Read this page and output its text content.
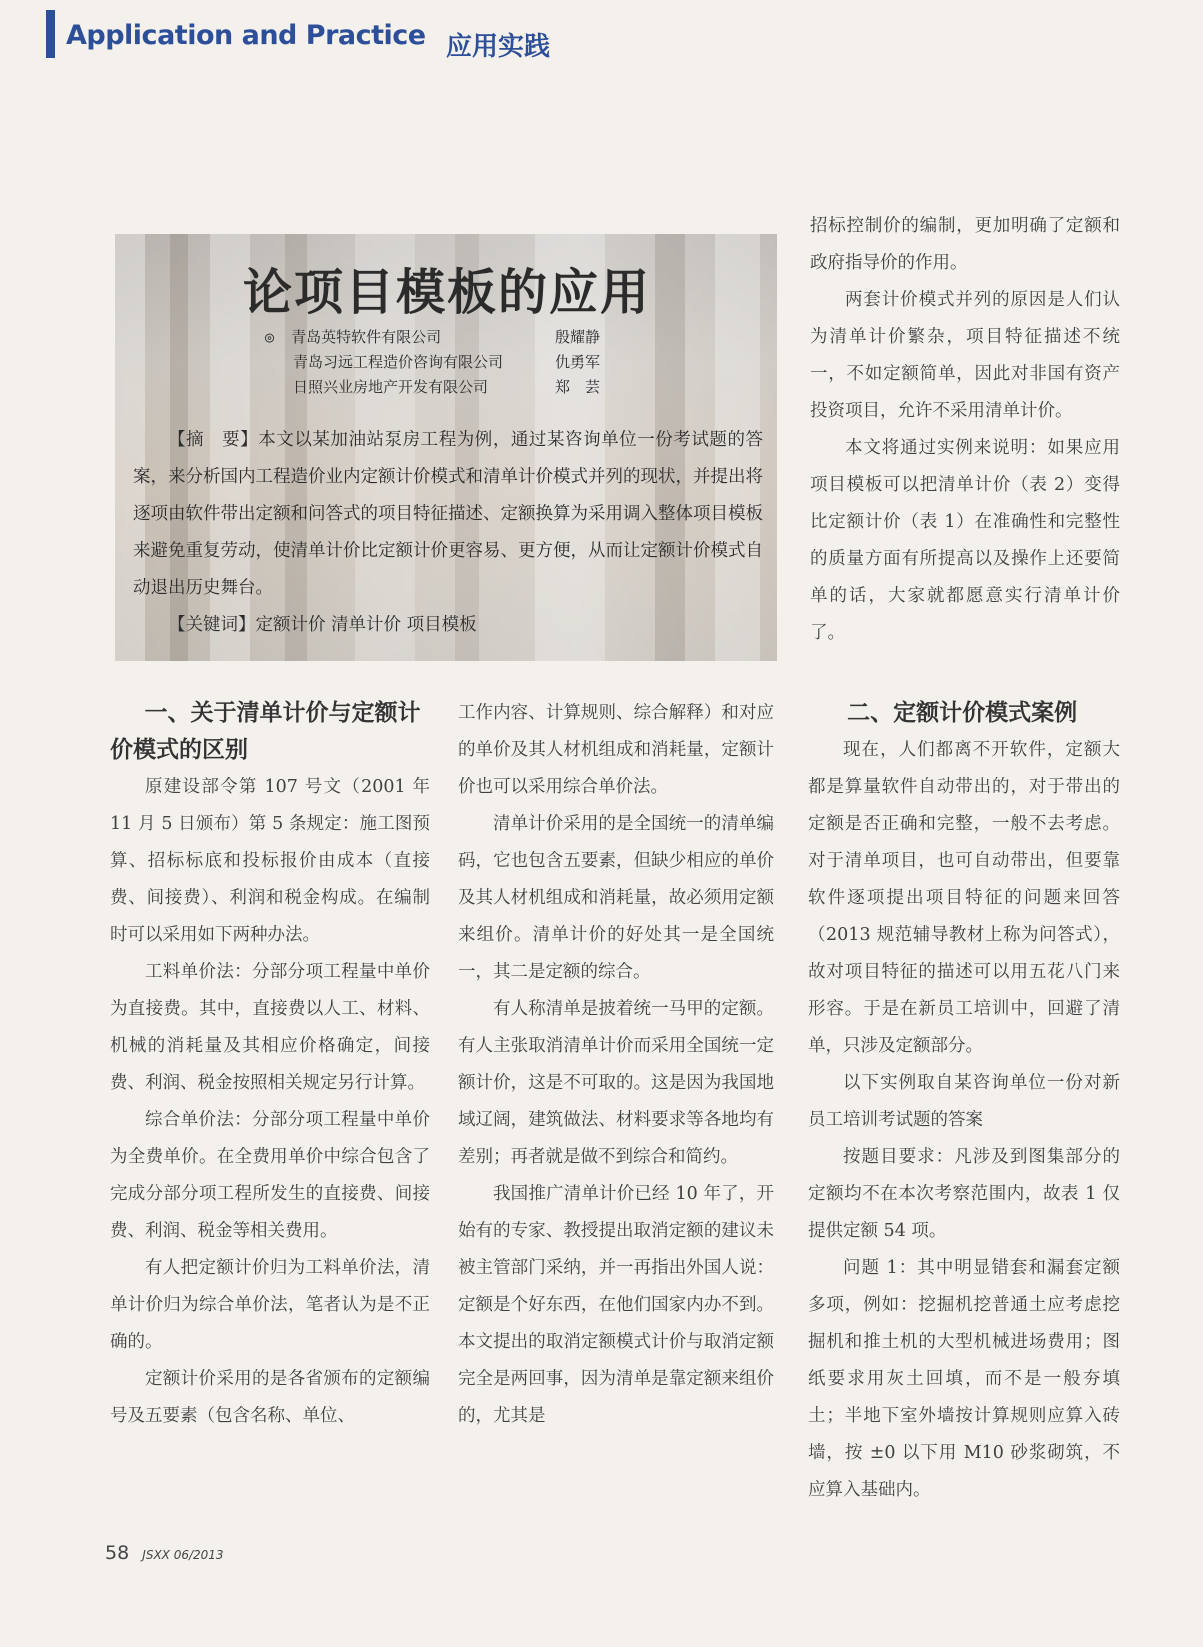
Application and Practice 应用实践
论项目模板的应用
◎ 青岛英特软件有限公司	殷耀静
青岛习远工程造价咨询有限公司	仇勇军
日照兴业房地产开发有限公司	郑　芸

【摘　要】本文以某加油站泵房工程为例，通过某咨询单位一份考试题的答案，来分析国内工程造价业内定额计价模式和清单计价模式并列的现状，并提出将逐项由软件带出定额和问答式的项目特征描述、定额换算为采用调入整体项目模板来避免重复劳动，使清单计价比定额计价更容易、更方便，从而让定额计价模式自动退出历史舞台。

【关键词】定额计价 清单计价 项目模板

招标控制价的编制，更加明确了定额和政府指导价的作用。

两套计价模式并列的原因是人们认为清单计价繁杂，项目特征描述不统一，不如定额简单，因此对非国有资产投资项目，允许不采用清单计价。

本文将通过实例来说明：如果应用项目模板可以把清单计价（表 2）变得比定额计价（表 1）在准确性和完整性的质量方面有所提高以及操作上还要简单的话，大家就都愿意实行清单计价了。

一、关于清单计价与定额计价模式的区别

原建设部令第 107 号文（2001 年 11 月 5 日颁布）第 5 条规定：施工图预算、招标标底和投标报价由成本（直接费、间接费）、利润和税金构成。在编制时可以采用如下两种办法。

工料单价法：分部分项工程量中单价为直接费。其中，直接费以人工、材料、机械的消耗量及其相应价格确定，间接费、利润、税金按照相关规定另行计算。

综合单价法：分部分项工程量中单价为全费单价。在全费用单价中综合包含了完成分部分项工程所发生的直接费、间接费、利润、税金等相关费用。

有人把定额计价归为工料单价法，清单计价归为综合单价法，笔者认为是不正确的。

定额计价采用的是各省颁布的定额编号及五要素（包含名称、单位、

工作内容、计算规则、综合解释）和对应的单价及其人材机组成和消耗量，定额计价也可以采用综合单价法。

清单计价采用的是全国统一的清单编码，它也包含五要素，但缺少相应的单价及其人材机组成和消耗量，故必须用定额来组价。清单计价的好处其一是全国统一，其二是定额的综合。

有人称清单是披着统一马甲的定额。有人主张取消清单计价而采用全国统一定额计价，这是不可取的。这是因为我国地域辽阔，建筑做法、材料要求等各地均有差别；再者就是做不到综合和简约。

我国推广清单计价已经 10 年了，开始有的专家、教授提出取消定额的建议未被主管部门采纳，并一再指出外国人说：定额是个好东西，在他们国家内办不到。本文提出的取消定额模式计价与取消定额完全是两回事，因为清单是靠定额来组价的，尤其是

二、定额计价模式案例

现在，人们都离不开软件，定额大都是算量软件自动带出的，对于带出的定额是否正确和完整，一般不去考虑。对于清单项目，也可自动带出，但要靠软件逐项提出项目特征的问题来回答（2013 规范辅导教材上称为问答式），故对项目特征的描述可以用五花八门来形容。于是在新员工培训中，回避了清单，只涉及定额部分。

以下实例取自某咨询单位一份对新员工培训考试题的答案

按题目要求：凡涉及到图集部分的定额均不在本次考察范围内，故表 1 仅提供定额 54 项。

问题 1：其中明显错套和漏套定额多项，例如：挖掘机挖普通土应考虑挖掘机和推土机的大型机械进场费用；图纸要求用灰土回填，而不是一般夯填土；半地下室外墙按计算规则应算入砖墙，按 ±0 以下用 M10 砂浆砌筑，不应算入基础内。

58 JSXX 06/2013
